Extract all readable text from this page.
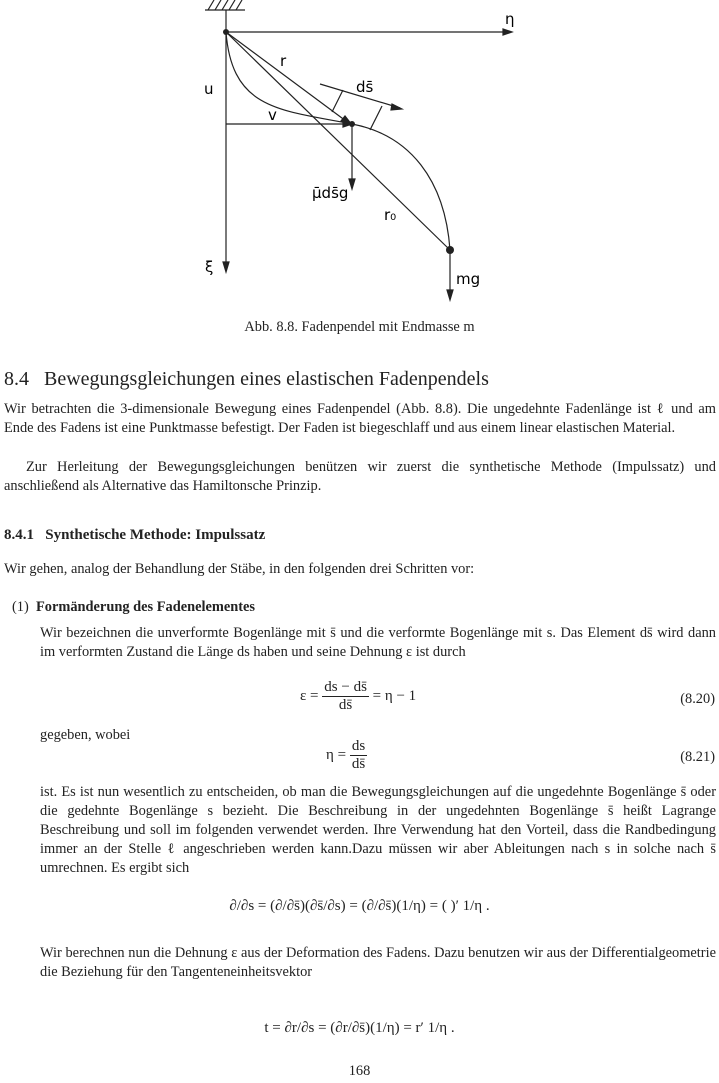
η
ξ
u
v
r
ds̄
μ̄ds̄g
r₀
mg
Abb. 8.8. Fadenpendel mit Endmasse m
8.4 Bewegungsgleichungen eines elastischen Fadenpendels
Wir betrachten die 3-dimensionale Bewegung eines Fadenpendel (Abb. 8.8). Die ungedehnte Fadenlänge ist ℓ und am Ende des Fadens ist eine Punktmasse befestigt. Der Faden ist biegeschlaff und aus einem linear elastischen Material.
Zur Herleitung der Bewegungsgleichungen benützen wir zuerst die synthetische Methode (Impulssatz) und anschließend als Alternative das Hamiltonsche Prinzip.
8.4.1 Synthetische Methode: Impulssatz
Wir gehen, analog der Behandlung der Stäbe, in den folgenden drei Schritten vor:
(1) Formänderung des Fadenelementes
Wir bezeichnen die unverformte Bogenlänge mit s̄ und die verformte Bogenlänge mit s. Das Element ds̄ wird dann im verformten Zustand die Länge ds haben und seine Dehnung ε ist durch
$\varepsilon = \frac{ds - ds̄}{ds̄} = \eta - 1$	(8.20)
gegeben, wobei
$\eta = \frac{ds}{ds̄}$	(8.21)
ist. Es ist nun wesentlich zu entscheiden, ob man die Bewegungsgleichungen auf die ungedehnte Bogenlänge s̄ oder die gedehnte Bogenlänge s bezieht. Die Beschreibung in der ungedehnten Bogenlänge s̄ heißt Lagrange Beschreibung und soll im folgenden verwendet werden. Ihre Verwendung hat den Vorteil, dass die Randbedingung immer an der Stelle ℓ angeschrieben werden kann.Dazu müssen wir aber Ableitungen nach s in solche nach s̄ umrechnen. Es ergibt sich
∂/∂s = (∂/∂s̄)(∂s̄/∂s) = (∂/∂s̄)(1/η) = ( )′ 1/η .
Wir berechnen nun die Dehnung ε aus der Deformation des Fadens. Dazu benutzen wir aus der Differentialgeometrie die Beziehung für den Tangenteneinheitsvektor
t = ∂r/∂s = (∂r/∂s̄)(1/η) = r′ 1/η .
168
